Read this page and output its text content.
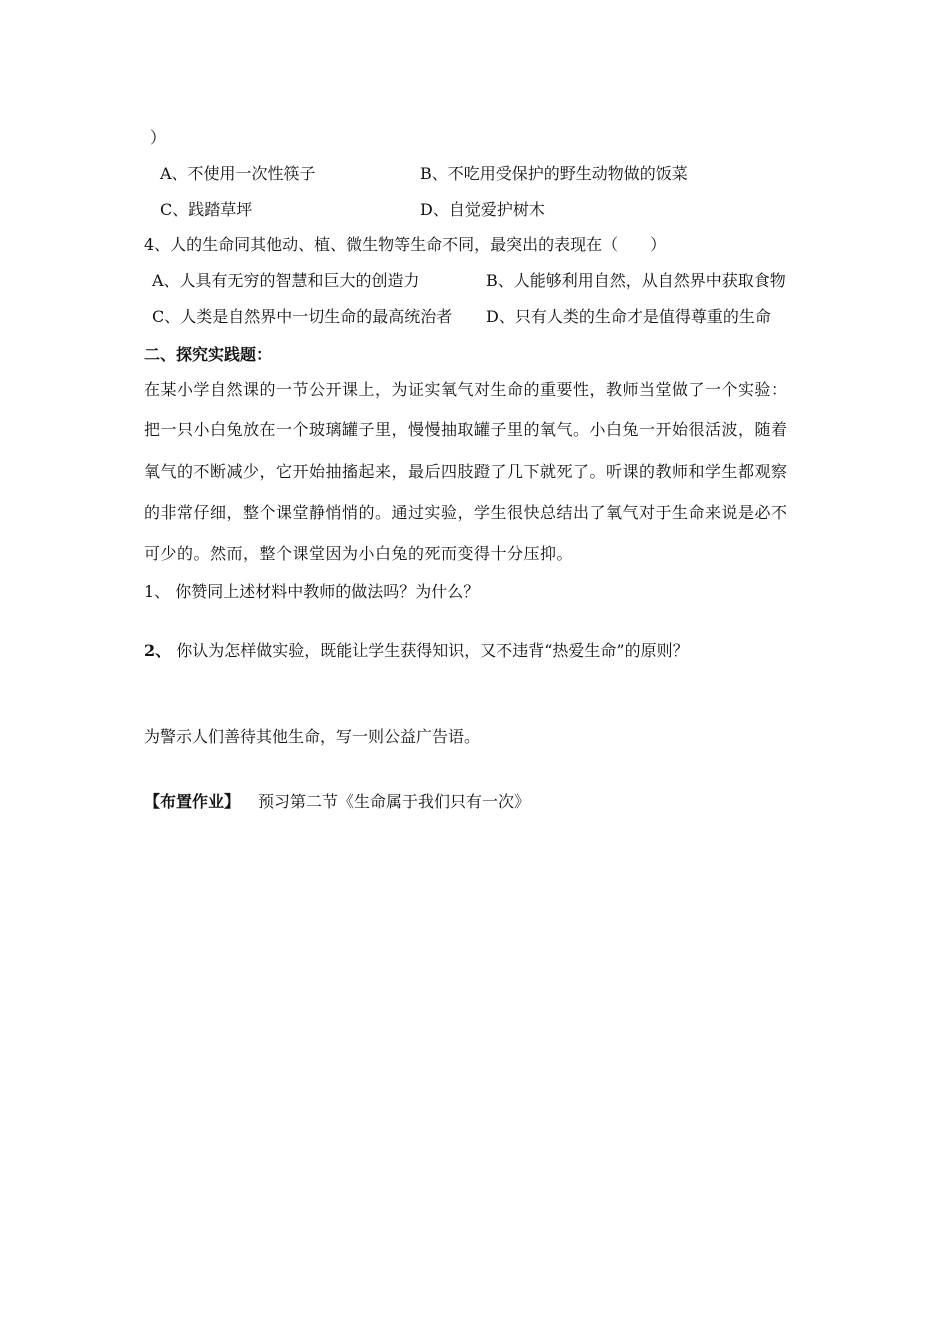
）
A、不使用一次性筷子	B、不吃用受保护的野生动物做的饭菜
C、践踏草坪	D、自觉爱护树木
4、人的生命同其他动、植、微生物等生命不同，最突出的表现在（　　）
A、人具有无穷的智慧和巨大的创造力	B、人能够利用自然，从自然界中获取食物
C、人类是自然界中一切生命的最高统治者 D、只有人类的生命才是值得尊重的生命
二、探究实践题：
在某小学自然课的一节公开课上，为证实氧气对生命的重要性，教师当堂做了一个实验：
把一只小白兔放在一个玻璃罐子里，慢慢抽取罐子里的氧气。小白兔一开始很活波，随着
氧气的不断减少，它开始抽搐起来，最后四肢蹬了几下就死了。听课的教师和学生都观察
的非常仔细，整个课堂静悄悄的。通过实验，学生很快总结出了氧气对于生命来说是必不
可少的。然而，整个课堂因为小白兔的死而变得十分压抑。
1、 你赞同上述材料中教师的做法吗？为什么？
2、 你认为怎样做实验，既能让学生获得知识，又不违背“热爱生命”的原则？
为警示人们善待其他生命，写一则公益广告语。
【布置作业】 预习第二节《生命属于我们只有一次》
